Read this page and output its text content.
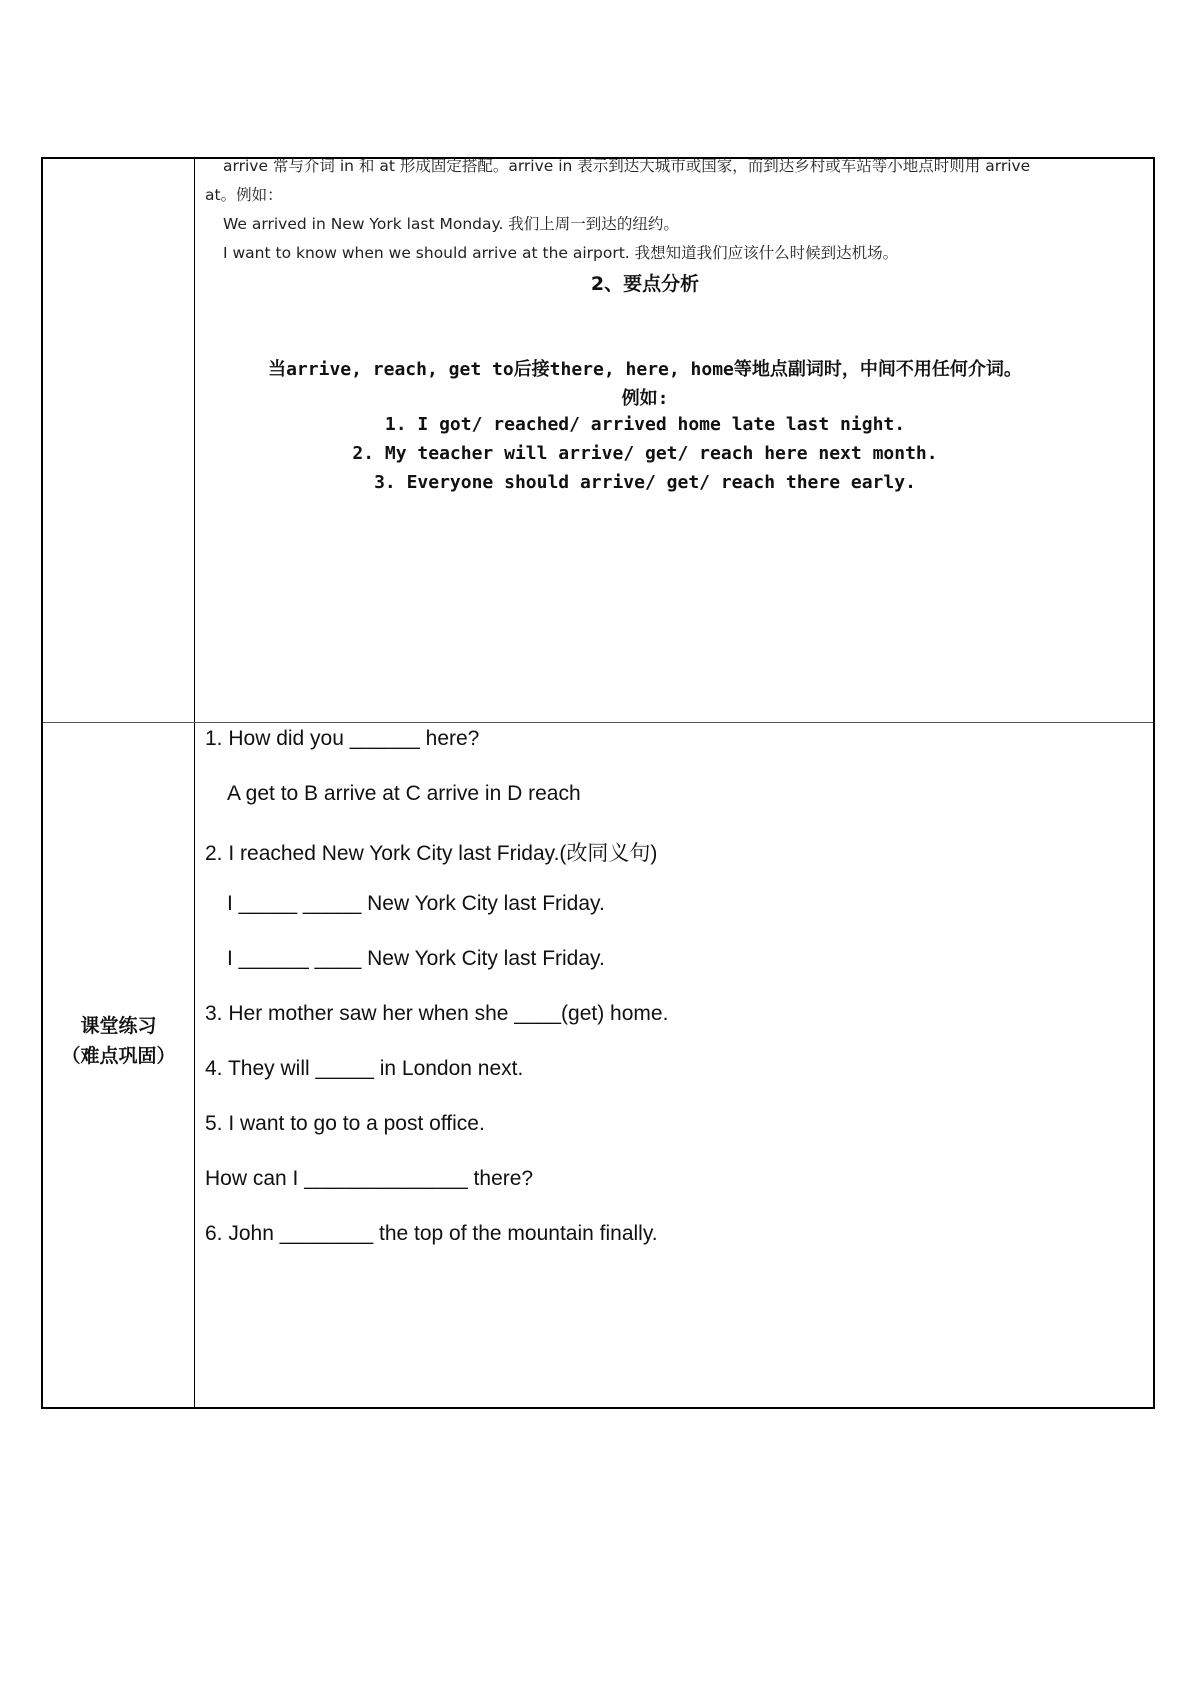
arrive 常与介词 in 和 at 形成固定搭配。arrive in 表示到达大城市或国家，而到达乡村或车站等小地点时则用 arrive
at。例如：
We arrived in New York last Monday. 我们上周一到达的纽约。
I want to know when we should arrive at the airport. 我想知道我们应该什么时候到达机场。
2、要点分析
当arrive, reach, get to后接there, here, home等地点副词时，中间不用任何介词。
例如:
1. I got/ reached/ arrived home late last night.
2. My teacher will arrive/ get/ reach here next month.
3. Everyone should arrive/ get/ reach there early.
课堂练习
（难点巩固）
1. How did you ______ here?
A get to B arrive at C arrive in D reach
2. I reached New York City last Friday.(改同义句)
I _____ _____ New York City last Friday.
I ______ ____ New York City last Friday.
3. Her mother saw her when she ____(get) home.
4. They will _____ in London next.
5. I want to go to a post office.
How can I ______________ there?
6. John ________ the top of the mountain finally.
